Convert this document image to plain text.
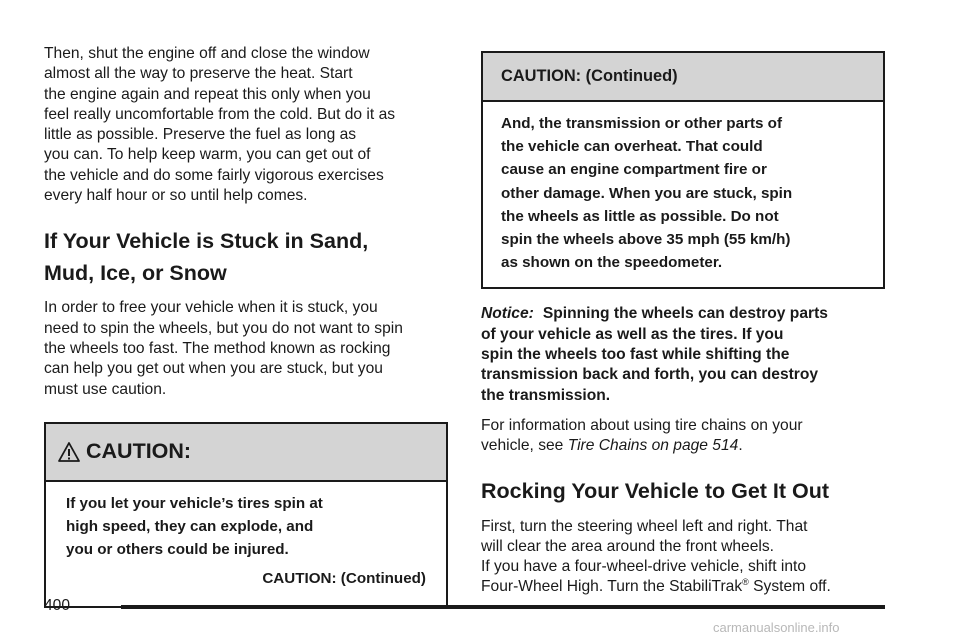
Then, shut the engine off and close the window
almost all the way to preserve the heat. Start
the engine again and repeat this only when you
feel really uncomfortable from the cold. But do it as
little as possible. Preserve the fuel as long as
you can. To help keep warm, you can get out of
the vehicle and do some fairly vigorous exercises
every half hour or so until help comes.

If Your Vehicle is Stuck in Sand,
Mud, Ice, or Snow

In order to free your vehicle when it is stuck, you
need to spin the wheels, but you do not want to spin
the wheels too fast. The method known as rocking
can help you get out when you are stuck, but you
must use caution.

CAUTION:

If you let your vehicle’s tires spin at
high speed, they can explode, and
you or others could be injured.

CAUTION: (Continued)

CAUTION: (Continued)

And, the transmission or other parts of
the vehicle can overheat. That could
cause an engine compartment fire or
other damage. When you are stuck, spin
the wheels as little as possible. Do not
spin the wheels above 35 mph (55 km/h)
as shown on the speedometer.

Notice: Spinning the wheels can destroy parts
of your vehicle as well as the tires. If you
spin the wheels too fast while shifting the
transmission back and forth, you can destroy
the transmission.

For information about using tire chains on your
vehicle, see Tire Chains on page 514.

Rocking Your Vehicle to Get It Out

First, turn the steering wheel left and right. That
will clear the area around the front wheels.
If you have a four-wheel-drive vehicle, shift into
Four-Wheel High. Turn the StabiliTrak® System off.

400
carmanualsonline.info
